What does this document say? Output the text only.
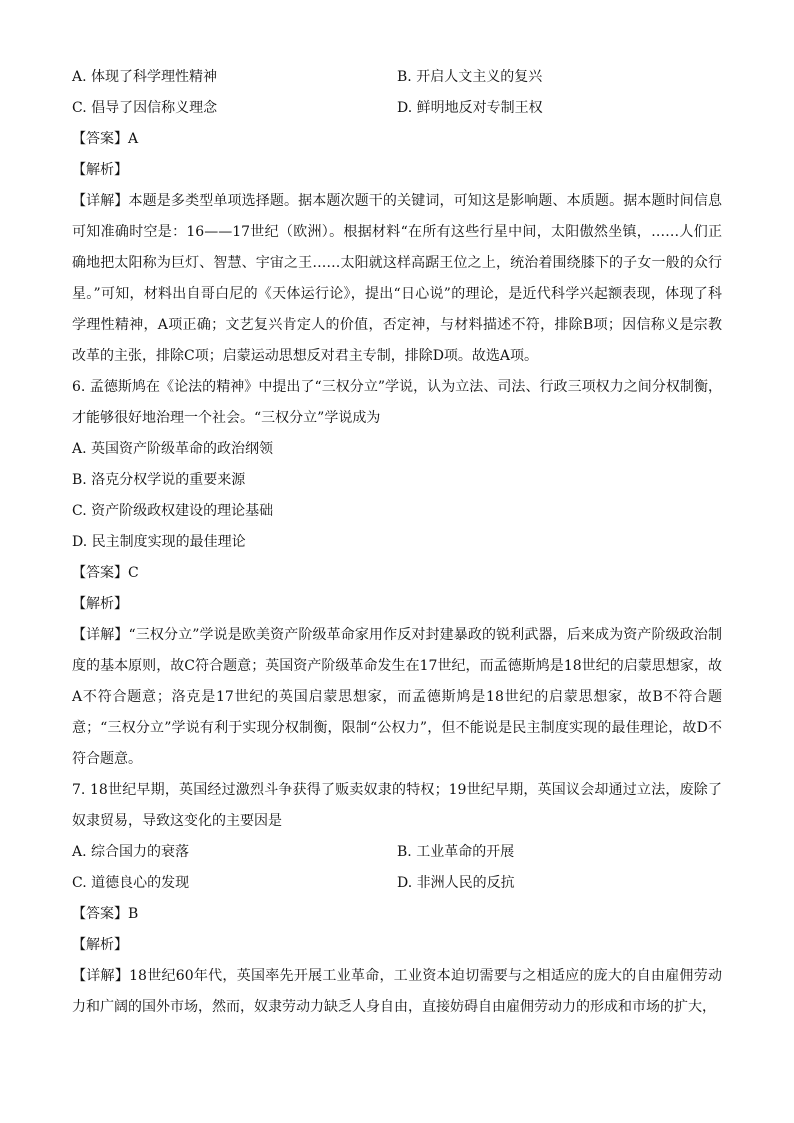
A. 体现了科学理性精神	B. 开启人文主义的复兴
C. 倡导了因信称义理念	D. 鲜明地反对专制王权
【答案】A
【解析】
【详解】本题是多类型单项选择题。据本题次题干的关键词，可知这是影响题、本质题。据本题时间信息可知准确时空是：16——17世纪（欧洲）。根据材料“在所有这些行星中间，太阳傲然坐镇，……人们正确地把太阳称为巨灯、智慧、宇宙之王……太阳就这样高踞王位之上，统治着围绕膝下的子女一般的众行星。”可知，材料出自哥白尼的《天体运行论》，提出“日心说”的理论，是近代科学兴起额表现，体现了科学理性精神，A项正确；文艺复兴肯定人的价值，否定神，与材料描述不符，排除B项；因信称义是宗教改革的主张，排除C项；启蒙运动思想反对君主专制，排除D项。故选A项。
6. 孟德斯鸠在《论法的精神》中提出了“三权分立”学说，认为立法、司法、行政三项权力之间分权制衡，才能够很好地治理一个社会。“三权分立”学说成为
A. 英国资产阶级革命的政治纲领
B. 洛克分权学说的重要来源
C. 资产阶级政权建设的理论基础
D. 民主制度实现的最佳理论
【答案】C
【解析】
【详解】“三权分立”学说是欧美资产阶级革命家用作反对封建暴政的锐利武器，后来成为资产阶级政治制度的基本原则，故C符合题意；英国资产阶级革命发生在17世纪，而孟德斯鸠是18世纪的启蒙思想家，故A不符合题意；洛克是17世纪的英国启蒙思想家，而孟德斯鸠是18世纪的启蒙思想家，故B不符合题意；“三权分立”学说有利于实现分权制衡，限制“公权力”，但不能说是民主制度实现的最佳理论，故D不符合题意。
7. 18世纪早期，英国经过激烈斗争获得了贩卖奴隶的特权；19世纪早期，英国议会却通过立法，废除了奴隶贸易，导致这变化的主要因是
A. 综合国力的衰落	B. 工业革命的开展
C. 道德良心的发现	D. 非洲人民的反抗
【答案】B
【解析】
【详解】18世纪60年代，英国率先开展工业革命，工业资本迫切需要与之相适应的庞大的自由雇佣劳动力和广阔的国外市场，然而，奴隶劳动力缺乏人身自由，直接妨碍自由雇佣劳动力的形成和市场的扩大，
